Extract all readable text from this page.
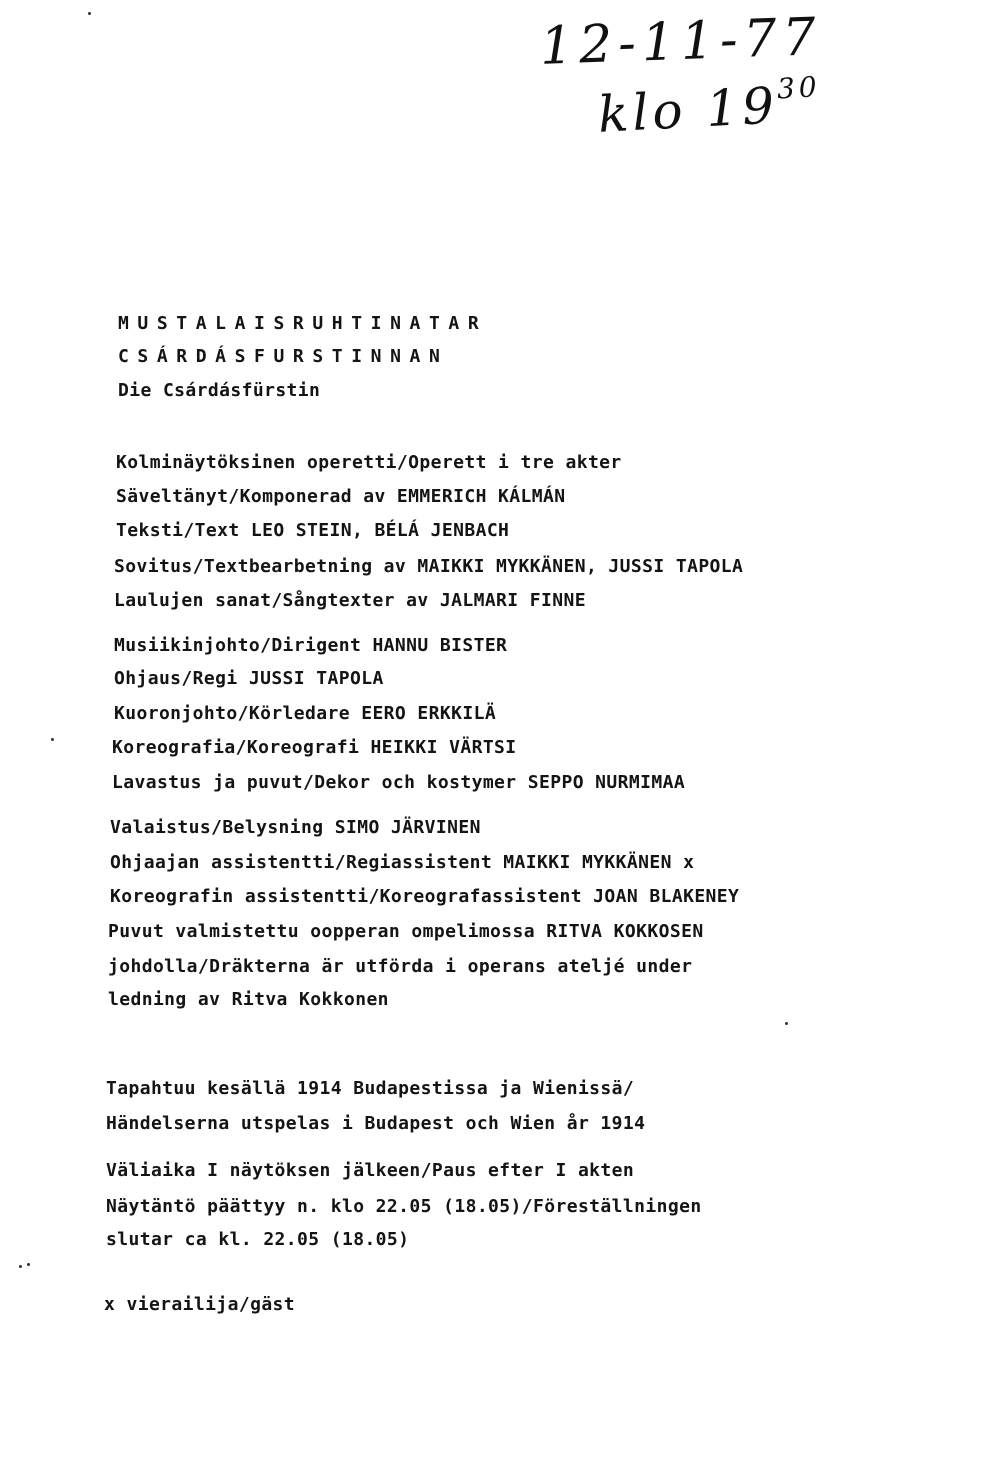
12-11-77
klo $19^{30}$
MUSTALAISRUHTINATAR
CSÁRDÁSFURSTINNAN
Die Csárdásfürstin
Kolminäytöksinen operetti/Operett i tre akter
Säveltänyt/Komponerad av EMMERICH KÁLMÁN
Teksti/Text LEO STEIN, BÉLÁ JENBACH
Sovitus/Textbearbetning av MAIKKI MYKKÄNEN, JUSSI TAPOLA
Laulujen sanat/Sångtexter av JALMARI FINNE
Musiikinjohto/Dirigent HANNU BISTER
Ohjaus/Regi JUSSI TAPOLA
Kuoronjohto/Körledare EERO ERKKILÄ
Koreografia/Koreografi HEIKKI VÄRTSI
Lavastus ja puvut/Dekor och kostymer SEPPO NURMIMAA
Valaistus/Belysning SIMO JÄRVINEN
Ohjaajan assistentti/Regiassistent MAIKKI MYKKÄNEN x
Koreografin assistentti/Koreografassistent JOAN BLAKENEY
Puvut valmistettu oopperan ompelimossa RITVA KOKKOSEN
johdolla/Dräkterna är utförda i operans ateljé under
ledning av Ritva Kokkonen
Tapahtuu kesällä 1914 Budapestissa ja Wienissä/
Händelserna utspelas i Budapest och Wien år 1914
Väliaika I näytöksen jälkeen/Paus efter I akten
Näytäntö päättyy n. klo 22.05 (18.05)/Föreställningen
slutar ca kl. 22.05 (18.05)
x vierailija/gäst
